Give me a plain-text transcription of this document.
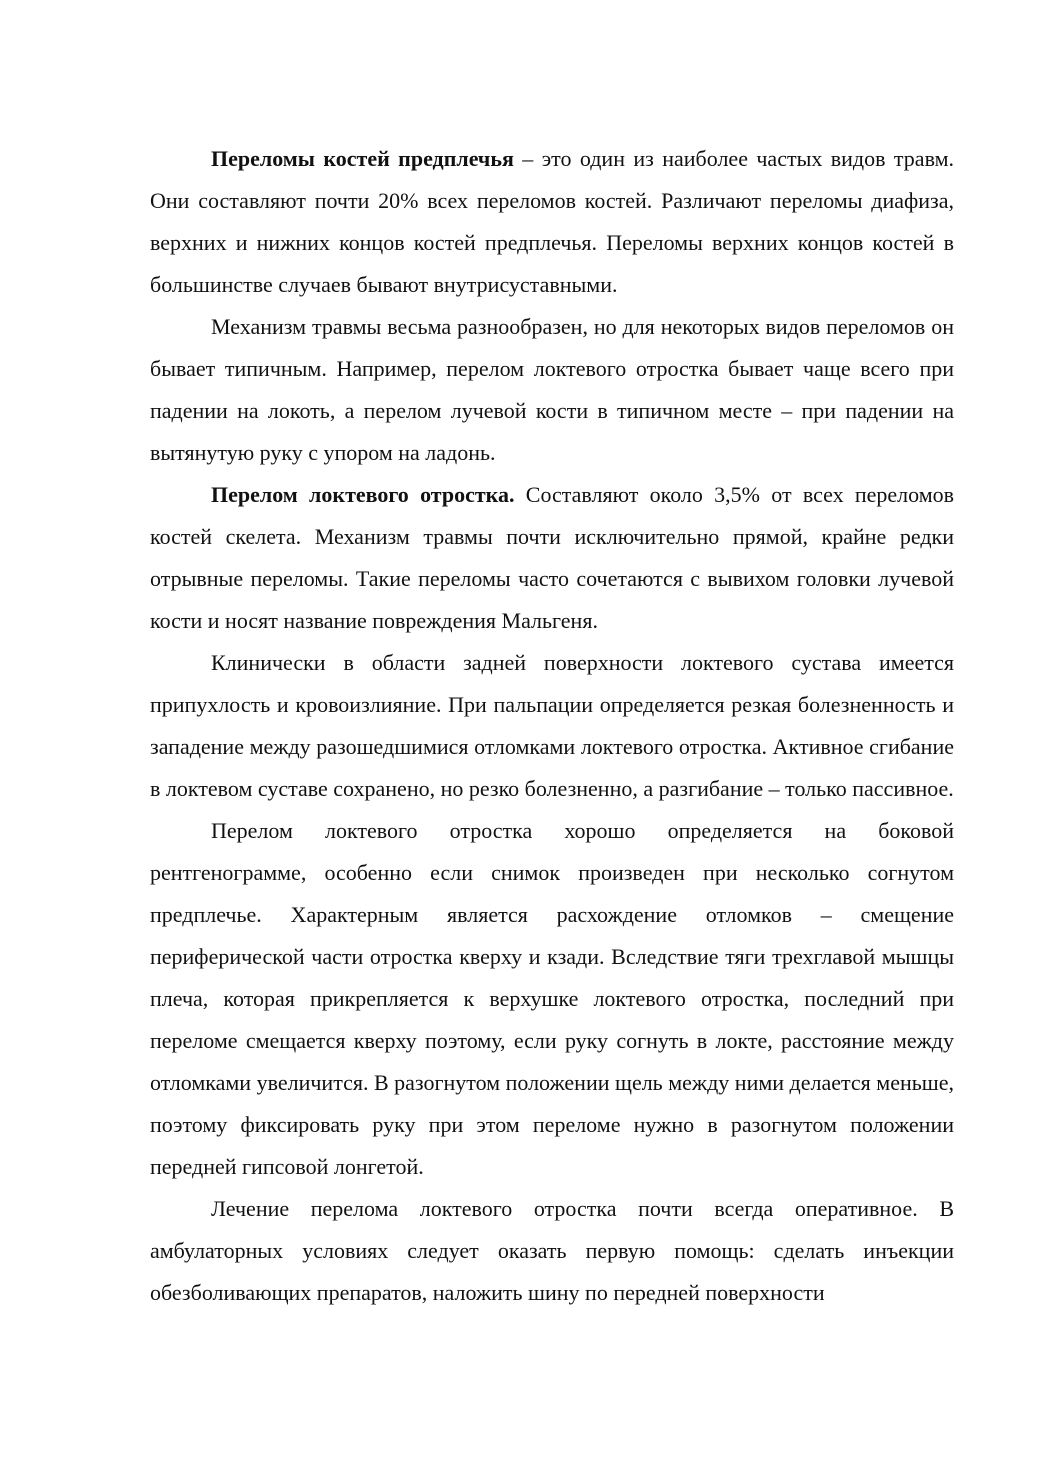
Переломы костей предплечья – это один из наиболее частых видов травм. Они составляют почти 20% всех переломов костей. Различают переломы диафиза, верхних и нижних концов костей предплечья. Переломы верхних концов костей в большинстве случаев бывают внутрисуставными.

Механизм травмы весьма разнообразен, но для некоторых видов переломов он бывает типичным. Например, перелом локтевого отростка бывает чаще всего при падении на локоть, а перелом лучевой кости в типичном месте – при падении на вытянутую руку с упором на ладонь.

Перелом локтевого отростка. Составляют около 3,5% от всех переломов костей скелета. Механизм травмы почти исключительно прямой, крайне редки отрывные переломы. Такие переломы часто сочетаются с вывихом головки лучевой кости и носят название повреждения Мальгеня.

Клинически в области задней поверхности локтевого сустава имеется припухлость и кровоизлияние. При пальпации определяется резкая болезненность и западение между разошедшимися отломками локтевого отростка. Активное сгибание в локтевом суставе сохранено, но резко болезненно, а разгибание – только пассивное.

Перелом локтевого отростка хорошо определяется на боковой рентгенограмме, особенно если снимок произведен при несколько согнутом предплечье. Характерным является расхождение отломков – смещение периферической части отростка кверху и кзади. Вследствие тяги трехглавой мышцы плеча, которая прикрепляется к верхушке локтевого отростка, последний при переломе смещается кверху поэтому, если руку согнуть в локте, расстояние между отломками увеличится. В разогнутом положении щель между ними делается меньше, поэтому фиксировать руку при этом переломе нужно в разогнутом положении передней гипсовой лонгетой.

Лечение перелома локтевого отростка почти всегда оперативное. В амбулаторных условиях следует оказать первую помощь: сделать инъекции обезболивающих препаратов, наложить шину по передней поверхности
